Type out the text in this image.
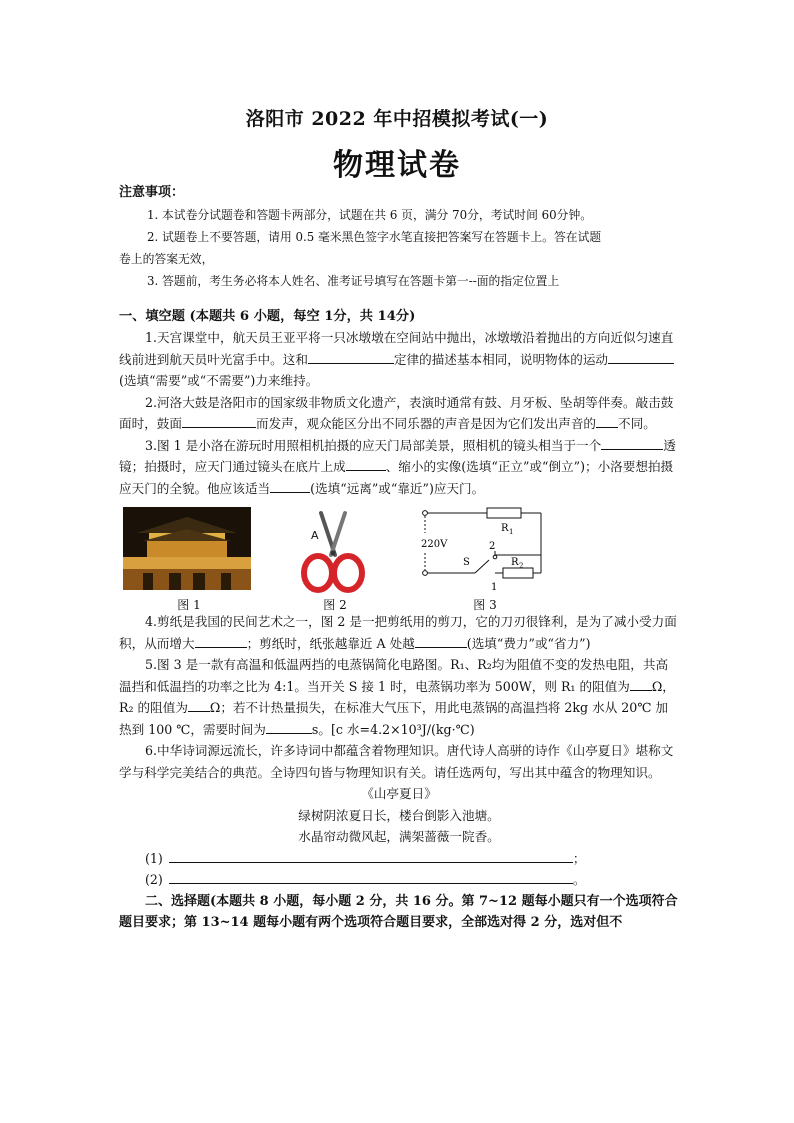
洛阳市 2022 年中招模拟考试(一)
物理试卷

注意事项：

1. 本试卷分试题卷和答题卡两部分，试题在共 6 页，满分 70分，考试时间 60分钟。

2. 试题卷上不要答题，请用 0.5 毫米黑色签字水笔直接把答案写在答题卡上。答在试题

卷上的答案无效，

3. 答题前，考生务必将本人姓名、准考证号填写在答题卡第一--面的指定位置上

一、填空题 (本题共 6 小题，每空 1分，共 14分)

1.天宫课堂中，航天员王亚平将一只冰墩墩在空间站中抛出，冰墩墩沿着抛出的方向近似匀速直线前进到航天员叶光富手中。这和	定律的描述基本相同，说明物体的运动(选填“需要”或“不需要”)力来维持。

2.河洛大鼓是洛阳市的国家级非物质文化遗产，表演时通常有鼓、月牙板、坠胡等伴奏。敲击鼓面时，鼓面	而发声，观众能区分出不同乐器的声音是因为它们发出声音的 不同。

3.图 1 是小洛在游玩时用照相机拍摄的应天门局部美景，照相机的镜头相当于一个	透镜；拍摄时，应天门通过镜头在底片上成	、缩小的实像(选填“正立”或“倒立”)；小洛要想拍摄应天门的全貌。他应该适当	(选填“远离”或“靠近”)应天门。

图 1
A
图 2
R 1
220V
S
2
1
R 2
图 3

4.剪纸是我国的民间艺术之一，图 2 是一把剪纸用的剪刀，它的刀刃很锋利，是为了减小受力面积，从而增大	；剪纸时，纸张越靠近 A 处越	(选填“费力”或“省力”)

5.图 3 是一款有高温和低温两挡的电蒸锅简化电路图。R₁、R₂均为阻值不变的发热电阻，共高温挡和低温挡的功率之比为 4:1。当开关 S 接 1 时，电蒸锅功率为 500W，则 R₁ 的阻值为 Ω，R₂ 的阻值为 Ω；若不计热量损失，在标准大气压下，用此电蒸锅的高温挡将 2kg 水从 20℃ 加热到 100 ℃，需要时间为	s。[c 水=4.2×10³J/(kg·℃)

6.中华诗词源远流长，许多诗词中都蕴含着物理知识。唐代诗人高骈的诗作《山亭夏日》堪称文学与科学完美结合的典范。全诗四句皆与物理知识有关。请任选两句，写出其中蕴含的物理知识。

《山亭夏日》

绿树阴浓夏日长，楼台倒影入池塘。

水晶帘动微风起，满架蔷薇一院香。

(1)	；

(2)	。

二、选择题(本题共 8 小题，每小题 2 分，共 16 分。第 7~12 题每小题只有一个选项符合题目要求；第 13~14 题每小题有两个选项符合题目要求，全部选对得 2 分，选对但不
